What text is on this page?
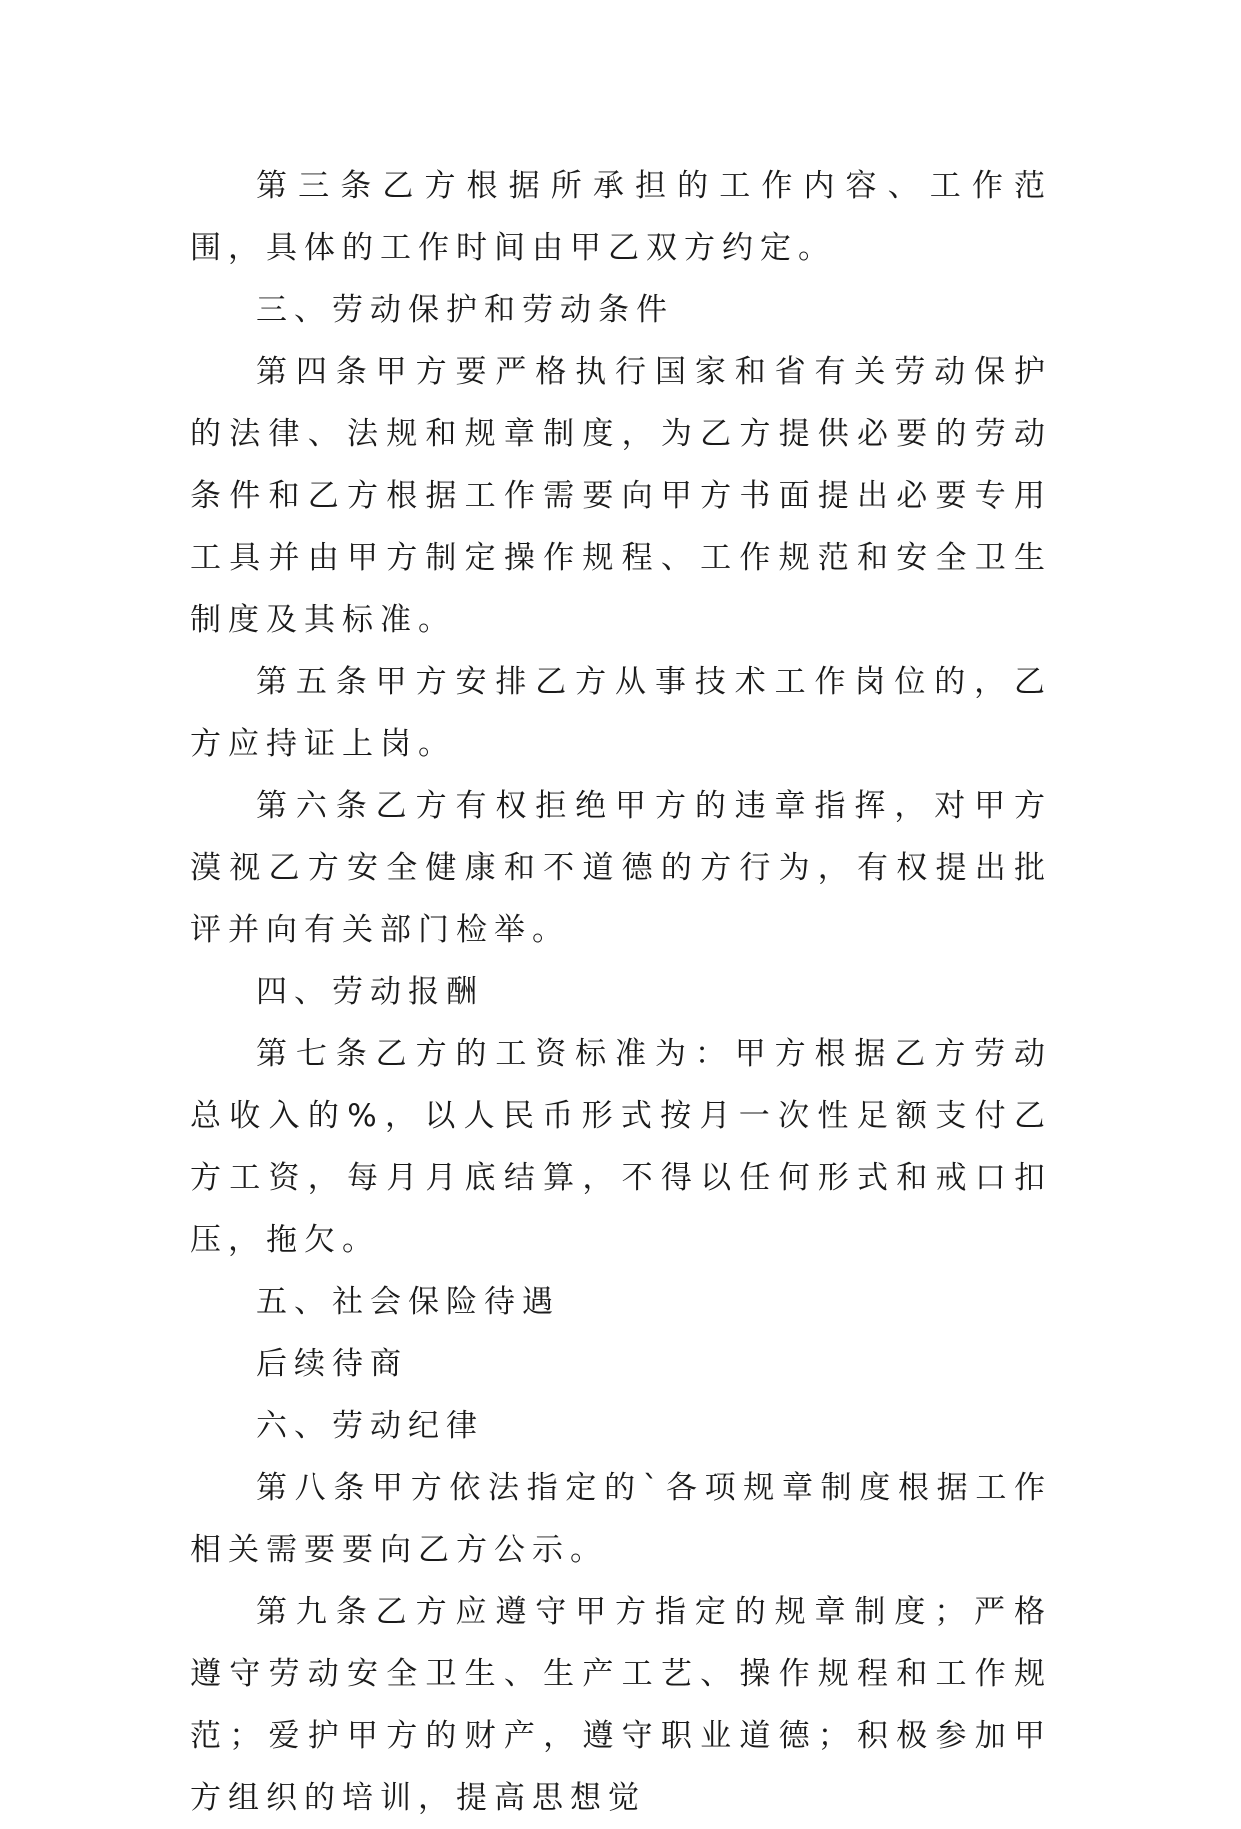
第三条乙方根据所承担的工作内容、工作范围，具体的工作时间由甲乙双方约定。

三、劳动保护和劳动条件

第四条甲方要严格执行国家和省有关劳动保护的法律、法规和规章制度，为乙方提供必要的劳动条件和乙方根据工作需要向甲方书面提出必要专用工具并由甲方制定操作规程、工作规范和安全卫生制度及其标准。

第五条甲方安排乙方从事技术工作岗位的，乙方应持证上岗。

第六条乙方有权拒绝甲方的违章指挥，对甲方漠视乙方安全健康和不道德的方行为，有权提出批评并向有关部门检举。

四、劳动报酬

第七条乙方的工资标准为：甲方根据乙方劳动总收入的%，以人民币形式按月一次性足额支付乙方工资，每月月底结算，不得以任何形式和戒口扣压，拖欠。

五、社会保险待遇

后续待商

六、劳动纪律

第八条甲方依法指定的`各项规章制度根据工作相关需要要向乙方公示。

第九条乙方应遵守甲方指定的规章制度；严格遵守劳动安全卫生、生产工艺、操作规程和工作规范；爱护甲方的财产，遵守职业道德；积极参加甲方组织的培训，提高思想觉
